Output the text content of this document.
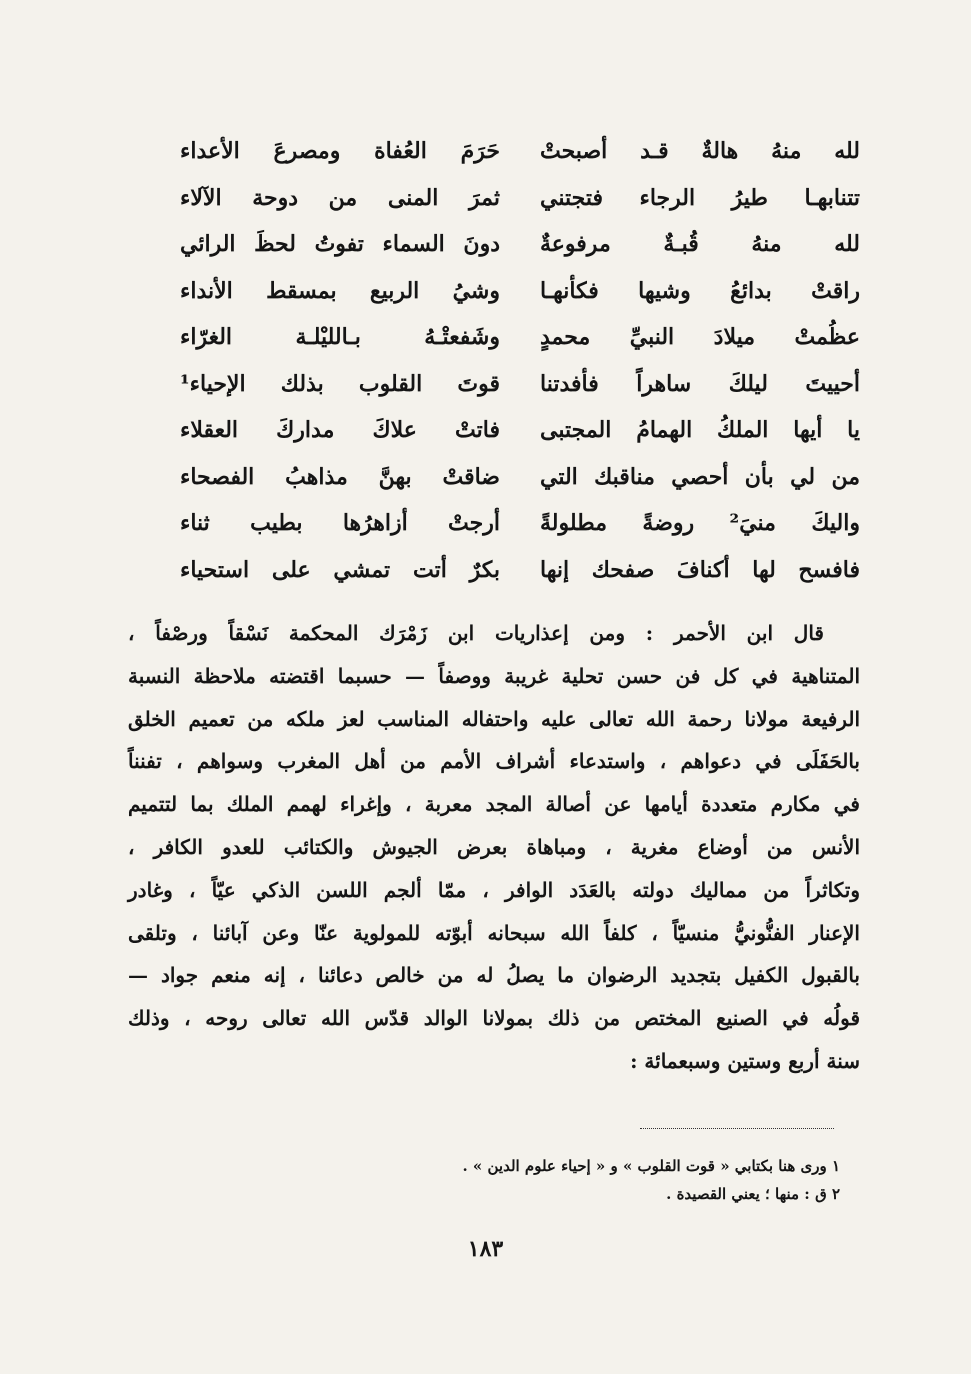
لله منهُ هالةٌ قـد أصبحتْ
حَرَمَ العُفاة ومصرعَ الأعداء
تتنابهـا طيرُ الرجاء فتجتني
ثمرَ المنى من دوحة الآلاء
لله منهُ قُبـةٌ مرفوعةٌ
دونَ السماء تفوتُ لحظَ الرائي
راقتْ بدائعُ وشيها فكأنهـا
وشيُ الربيع بمسقط الأنداء
عظُمتْ ميلادَ النبيِّ محمدٍ
وشَفعتْـهُ بـالليْلـة الغرّاء
أحييتَ ليلكَ ساهراً فأفدتنا
قوتَ القلوب بذلك الإحياء¹
يا أيها الملكُ الهمامُ المجتبى
فاتتْ علاكَ مداركَ العقلاء
من لي بأن أحصي مناقبك التي
ضاقتْ بهنَّ مذاهبُ الفصحاء
واليكَ منيَ² روضةً مطلولةً
أرجتْ أزاهرُها بطيب ثناء
فافسح لها أكنافَ صفحك إنها
بكرٌ أتت تمشي على استحياء
قال ابن الأحمر : ومن إعذاريات ابن زَمْرَك المحكمة نَسْقاً ورصْفاً ،
المتناهية في كل فن حسن تحلية غريبة ووصفاً — حسبما اقتضته ملاحظة النسبة
الرفيعة مولانا رحمة الله تعالى عليه واحتفاله المناسب لعز ملكه من تعميم الخلق
بالحَفَلَى في دعواهم ، واستدعاء أشراف الأمم من أهل المغرب وسواهم ، تفنناً
في مكارم متعددة أيامها عن أصالة المجد معربة ، وإغراء لهمم الملك بما لتتميم
الأنس من أوضاع مغرية ، ومباهاة بعرض الجيوش والكتائب للعدو الكافر ،
وتكاثراً من مماليك دولته بالعَدَد الوافر ، ممّا ألجم اللسن الذكي عيّاً ، وغادر
الإعنار الفنُّونيُّ منسيّاً ، كلفاً الله سبحانه أبوّته للمولوية عنّا وعن آبائنا ، وتلقى
بالقبول الكفيل بتجديد الرضوان ما يصلُ له من خالص دعائنا ، إنه منعم جواد —
قولُه في الصنيع المختص من ذلك بمولانا الوالد قدّس الله تعالى روحه ، وذلك
سنة أربع وستين وسبعمائة :
١ ورى هنا بكتابي « قوت القلوب » و « إحياء علوم الدين » .
٢ ق : منها ؛ يعني القصيدة .
١٨٣
